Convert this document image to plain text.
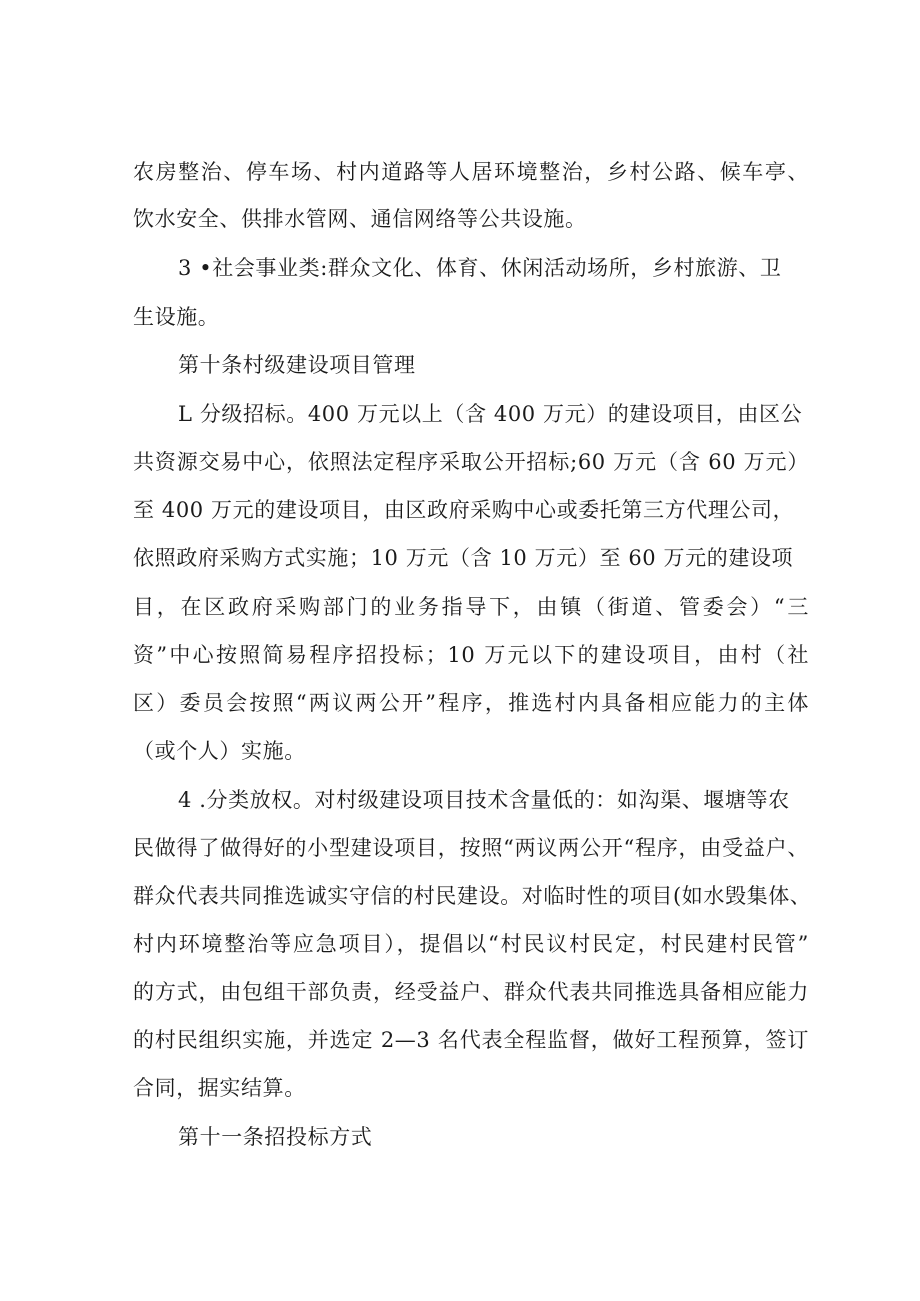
农房整治、停车场、村内道路等人居环境整治，乡村公路、候车亭、
饮水安全、供排水管网、通信网络等公共设施。
3 •社会事业类:群众文化、体育、休闲活动场所，乡村旅游、卫
生设施。
第十条村级建设项目管理
L 分级招标。400 万元以上（含 400 万元）的建设项目，由区公
共资源交易中心，依照法定程序采取公开招标;60 万元（含 60 万元）
至 400 万元的建设项目，由区政府采购中心或委托第三方代理公司，
依照政府采购方式实施；10 万元（含 10 万元）至 60 万元的建设项
目，在区政府采购部门的业务指导下，由镇（街道、管委会）“三
资”中心按照简易程序招投标；10 万元以下的建设项目，由村（社
区）委员会按照“两议两公开”程序，推选村内具备相应能力的主体
（或个人）实施。
4 .分类放权。对村级建设项目技术含量低的：如沟渠、堰塘等农
民做得了做得好的小型建设项目，按照“两议两公开“程序，由受益户、
群众代表共同推选诚实守信的村民建设。对临时性的项目(如水毁集体、
村内环境整治等应急项目），提倡以“村民议村民定，村民建村民管”
的方式，由包组干部负责，经受益户、群众代表共同推选具备相应能力
的村民组织实施，并选定 2—3 名代表全程监督，做好工程预算，签订
合同，据实结算。
第十一条招投标方式
